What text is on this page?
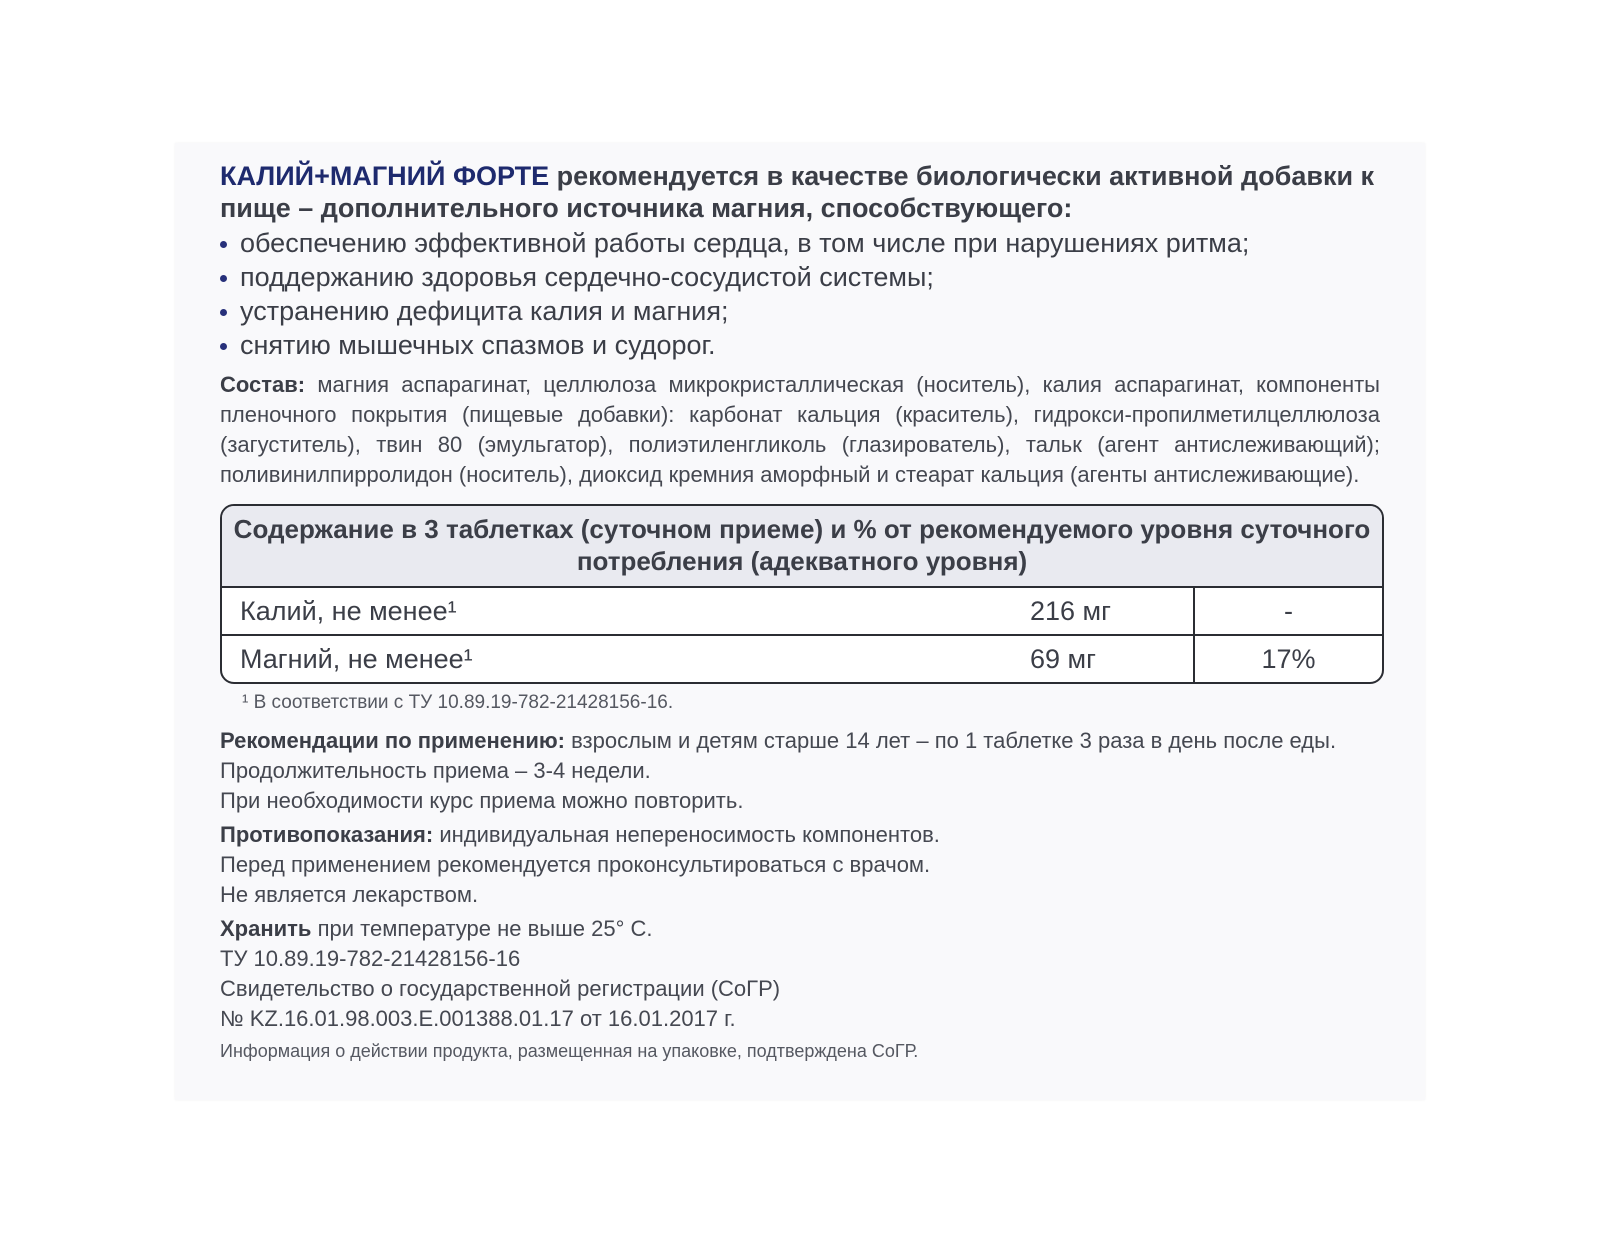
КАЛИЙ+МАГНИЙ ФОРТЕ рекомендуется в качестве биологически активной добавки к пище – дополнительного источника магния, способствующего:

обеспечению эффективной работы сердца, в том числе при нарушениях ритма;
поддержанию здоровья сердечно-сосудистой системы;
устранению дефицита калия и магния;
снятию мышечных спазмов и судорог.
Состав: магния аспарагинат, целлюлоза микрокристаллическая (носитель), калия аспарагинат, компоненты пленочного покрытия (пищевые добавки): карбонат кальция (краситель), гидрокси-пропилметилцеллюлоза (загуститель), твин 80 (эмульгатор), полиэтиленгликоль (глазирователь), тальк (агент антислеживающий); поливинилпирролидон (носитель), диоксид кремния аморфный и стеарат кальция (агенты антислеживающие).
Содержание в 3 таблетках (суточном приеме) и % от рекомендуемого уровня суточного потребления (адекватного уровня)
Калий, не менее¹	216 мг	-
Магний, не менее¹	69 мг	17%
¹ В соответствии с ТУ 10.89.19-782-21428156-16.
Рекомендации по применению: взрослым и детям старше 14 лет – по 1 таблетке 3 раза в день после еды. Продолжительность приема – 3-4 недели.
При необходимости курс приема можно повторить.
Противопоказания: индивидуальная непереносимость компонентов.
Перед применением рекомендуется проконсультироваться с врачом.
Не является лекарством.
Хранить при температуре не выше 25° С.
ТУ 10.89.19-782-21428156-16
Свидетельство о государственной регистрации (СоГР)
№ KZ.16.01.98.003.E.001388.01.17 от 16.01.2017 г.
Информация о действии продукта, размещенная на упаковке, подтверждена СоГР.
